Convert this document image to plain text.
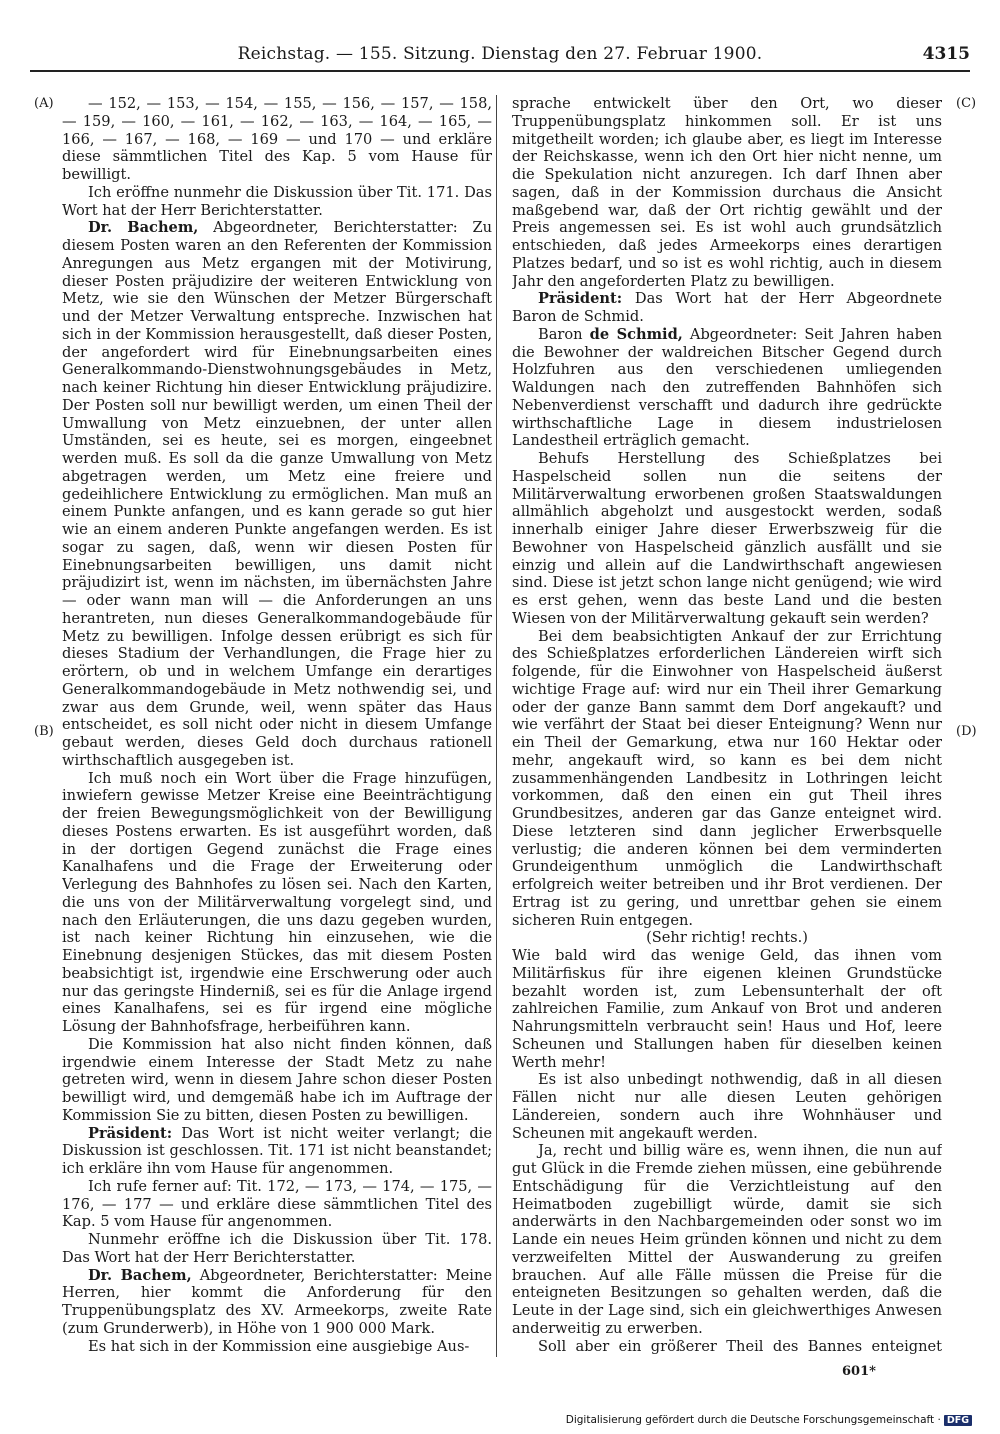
Reichstag. — 155. Sitzung. Dienstag den 27. Februar 1900.	4315
(A)
(B)
(C)
(D)

— 152, — 153, — 154, — 155, — 156, — 157, — 158, — 159, — 160, — 161, — 162, — 163, — 164, — 165, — 166, — 167, — 168, — 169 — und 170 — und erkläre diese sämmtlichen Titel des Kap. 5 vom Hause für bewilligt.

Ich eröffne nunmehr die Diskussion über Tit. 171. Das Wort hat der Herr Berichterstatter.

Dr. Bachem, Abgeordneter, Berichterstatter: Zu diesem Posten waren an den Referenten der Kommission Anregungen aus Metz ergangen mit der Motivirung, dieser Posten präjudizire der weiteren Entwicklung von Metz, wie sie den Wünschen der Metzer Bürgerschaft und der Metzer Verwaltung entspreche. Inzwischen hat sich in der Kommission herausgestellt, daß dieser Posten, der angefordert wird für Einebnungsarbeiten eines Generalkommando-Dienstwohnungsgebäudes in Metz, nach keiner Richtung hin dieser Entwicklung präjudizire. Der Posten soll nur bewilligt werden, um einen Theil der Umwallung von Metz einzuebnen, der unter allen Umständen, sei es heute, sei es morgen, eingeebnet werden muß. Es soll da die ganze Umwallung von Metz abgetragen werden, um Metz eine freiere und gedeihlichere Entwicklung zu ermöglichen. Man muß an einem Punkte anfangen, und es kann gerade so gut hier wie an einem anderen Punkte angefangen werden. Es ist sogar zu sagen, daß, wenn wir diesen Posten für Einebnungsarbeiten bewilligen, uns damit nicht präjudizirt ist, wenn im nächsten, im übernächsten Jahre — oder wann man will — die Anforderungen an uns herantreten, nun dieses Generalkommandogebäude für Metz zu bewilligen. Infolge dessen erübrigt es sich für dieses Stadium der Verhandlungen, die Frage hier zu erörtern, ob und in welchem Umfange ein derartiges Generalkommandogebäude in Metz nothwendig sei, und zwar aus dem Grunde, weil, wenn später das Haus entscheidet, es soll nicht oder nicht in diesem Umfange gebaut werden, dieses Geld doch durchaus rationell wirthschaftlich ausgegeben ist.

Ich muß noch ein Wort über die Frage hinzufügen, inwiefern gewisse Metzer Kreise eine Beeinträchtigung der freien Bewegungsmöglichkeit von der Bewilligung dieses Postens erwarten. Es ist ausgeführt worden, daß in der dortigen Gegend zunächst die Frage eines Kanalhafens und die Frage der Erweiterung oder Verlegung des Bahnhofes zu lösen sei. Nach den Karten, die uns von der Militärverwaltung vorgelegt sind, und nach den Erläuterungen, die uns dazu gegeben wurden, ist nach keiner Richtung hin einzusehen, wie die Einebnung desjenigen Stückes, das mit diesem Posten beabsichtigt ist, irgendwie eine Erschwerung oder auch nur das geringste Hinderniß, sei es für die Anlage irgend eines Kanalhafens, sei es für irgend eine mögliche Lösung der Bahnhofsfrage, herbeiführen kann.

Die Kommission hat also nicht finden können, daß irgendwie einem Interesse der Stadt Metz zu nahe getreten wird, wenn in diesem Jahre schon dieser Posten bewilligt wird, und demgemäß habe ich im Auftrage der Kommission Sie zu bitten, diesen Posten zu bewilligen.

Präsident: Das Wort ist nicht weiter verlangt; die Diskussion ist geschlossen. Tit. 171 ist nicht beanstandet; ich erkläre ihn vom Hause für angenommen.

Ich rufe ferner auf: Tit. 172, — 173, — 174, — 175, — 176, — 177 — und erkläre diese sämmtlichen Titel des Kap. 5 vom Hause für angenommen.

Nunmehr eröffne ich die Diskussion über Tit. 178. Das Wort hat der Herr Berichterstatter.

Dr. Bachem, Abgeordneter, Berichterstatter: Meine Herren, hier kommt die Anforderung für den Truppenübungsplatz des XV. Armeekorps, zweite Rate (zum Grunderwerb), in Höhe von 1 900 000 Mark.

Es hat sich in der Kommission eine ausgiebige Aus-

sprache entwickelt über den Ort, wo dieser Truppenübungsplatz hinkommen soll. Er ist uns mitgetheilt worden; ich glaube aber, es liegt im Interesse der Reichskasse, wenn ich den Ort hier nicht nenne, um die Spekulation nicht anzuregen. Ich darf Ihnen aber sagen, daß in der Kommission durchaus die Ansicht maßgebend war, daß der Ort richtig gewählt und der Preis angemessen sei. Es ist wohl auch grundsätzlich entschieden, daß jedes Armeekorps eines derartigen Platzes bedarf, und so ist es wohl richtig, auch in diesem Jahr den angeforderten Platz zu bewilligen.

Präsident: Das Wort hat der Herr Abgeordnete Baron de Schmid.

Baron de Schmid, Abgeordneter: Seit Jahren haben die Bewohner der waldreichen Bitscher Gegend durch Holzfuhren aus den verschiedenen umliegenden Waldungen nach den zutreffenden Bahnhöfen sich Nebenverdienst verschafft und dadurch ihre gedrückte wirthschaftliche Lage in diesem industrielosen Landestheil erträglich gemacht.

Behufs Herstellung des Schießplatzes bei Haspelscheid sollen nun die seitens der Militärverwaltung erworbenen großen Staatswaldungen allmählich abgeholzt und ausgestockt werden, sodaß innerhalb einiger Jahre dieser Erwerbszweig für die Bewohner von Haspelscheid gänzlich ausfällt und sie einzig und allein auf die Landwirthschaft angewiesen sind. Diese ist jetzt schon lange nicht genügend; wie wird es erst gehen, wenn das beste Land und die besten Wiesen von der Militärverwaltung gekauft sein werden?

Bei dem beabsichtigten Ankauf der zur Errichtung des Schießplatzes erforderlichen Ländereien wirft sich folgende, für die Einwohner von Haspelscheid äußerst wichtige Frage auf: wird nur ein Theil ihrer Gemarkung oder der ganze Bann sammt dem Dorf angekauft? und wie verfährt der Staat bei dieser Enteignung? Wenn nur ein Theil der Gemarkung, etwa nur 160 Hektar oder mehr, angekauft wird, so kann es bei dem nicht zusammenhängenden Landbesitz in Lothringen leicht vorkommen, daß den einen ein gut Theil ihres Grundbesitzes, anderen gar das Ganze enteignet wird. Diese letzteren sind dann jeglicher Erwerbsquelle verlustig; die anderen können bei dem verminderten Grundeigenthum unmöglich die Landwirthschaft erfolgreich weiter betreiben und ihr Brot verdienen. Der Ertrag ist zu gering, und unrettbar gehen sie einem sicheren Ruin entgegen.

(Sehr richtig! rechts.)

Wie bald wird das wenige Geld, das ihnen vom Militärfiskus für ihre eigenen kleinen Grundstücke bezahlt worden ist, zum Lebensunterhalt der oft zahlreichen Familie, zum Ankauf von Brot und anderen Nahrungsmitteln verbraucht sein! Haus und Hof, leere Scheunen und Stallungen haben für dieselben keinen Werth mehr!

Es ist also unbedingt nothwendig, daß in all diesen Fällen nicht nur alle diesen Leuten gehörigen Ländereien, sondern auch ihre Wohnhäuser und Scheunen mit angekauft werden.

Ja, recht und billig wäre es, wenn ihnen, die nun auf gut Glück in die Fremde ziehen müssen, eine gebührende Entschädigung für die Verzichtleistung auf den Heimatboden zugebilligt würde, damit sie sich anderwärts in den Nachbargemeinden oder sonst wo im Lande ein neues Heim gründen können und nicht zu dem verzweifelten Mittel der Auswanderung zu greifen brauchen. Auf alle Fälle müssen die Preise für die enteigneten Besitzungen so gehalten werden, daß die Leute in der Lage sind, sich ein gleichwerthiges Anwesen anderweitig zu erwerben.

Soll aber ein größerer Theil des Bannes enteignet

601*
Digitalisierung gefördert durch die Deutsche Forschungsgemeinschaft · DFG
